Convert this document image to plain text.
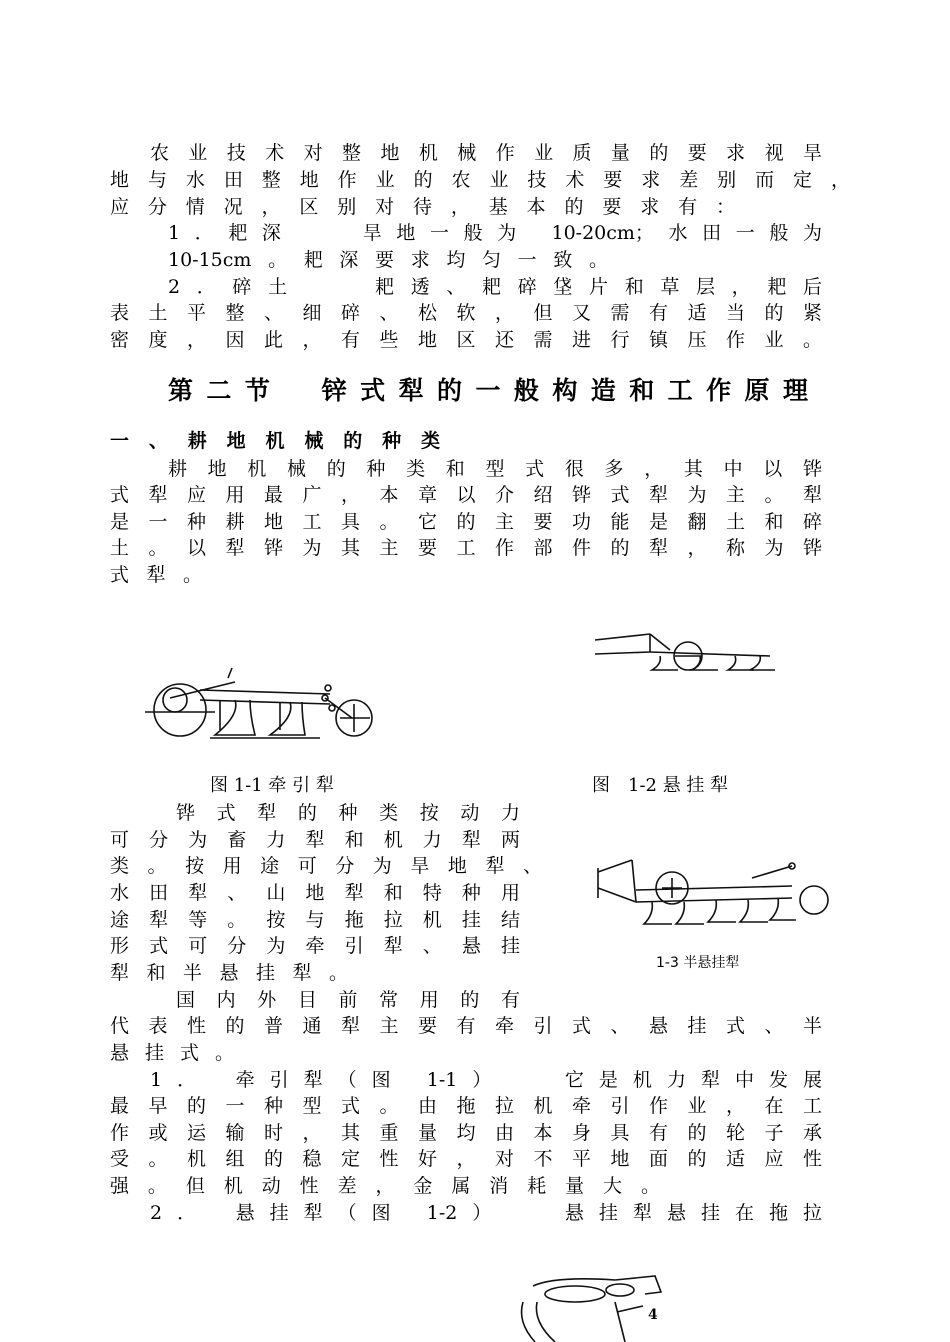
农业技术对整地机械作业质量的要求视旱
地与水田整地作业的农业技术要求差别而定，
应分情况，区别对待，基本的要求有：
1．耙深　　旱地一般为 10-20cm；水田一般为
10-15cm。耙深要求均匀一致。
2．碎土　　耙透、耙碎垡片和草层，耙后
表土平整、细碎、松软，但又需有适当的紧
密度，因此，有些地区还需进行镇压作业。
第二节　锌式犁的一般构造和工作原理
一、耕地机械的种类
耕地机械的种类和型式很多，其中以铧
式犁应用最广，本章以介绍铧式犁为主。犁
是一种耕地工具。它的主要功能是翻土和碎
土。以犁铧为其主要工作部件的犁，称为铧
式犁。
图 1-1 牵 引 犁	图　1-2 悬 挂 犁
铧式犁的种类按动力
可分为畜力犁和机力犁两
类。按用途可分为旱地犁、
水田犁、山地犁和特种用
途犁等。按与拖拉机挂结
形式可分为牵引犁、悬挂
犁和半悬挂犁。
国内外目前常用的有
1-3 半悬挂犁
代表性的普通犁主要有牵引式、悬挂式、半
悬挂式。
1．　牵引犁（图 1-1）　　它是机力犁中发展
最早的一种型式。由拖拉机牵引作业，在工
作或运输时，其重量均由本身具有的轮子承
受。机组的稳定性好，对不平地面的适应性
强。但机动性差，金属消耗量大。
2．　悬挂犁（图 1-2）　　悬挂犁悬挂在拖拉
4
